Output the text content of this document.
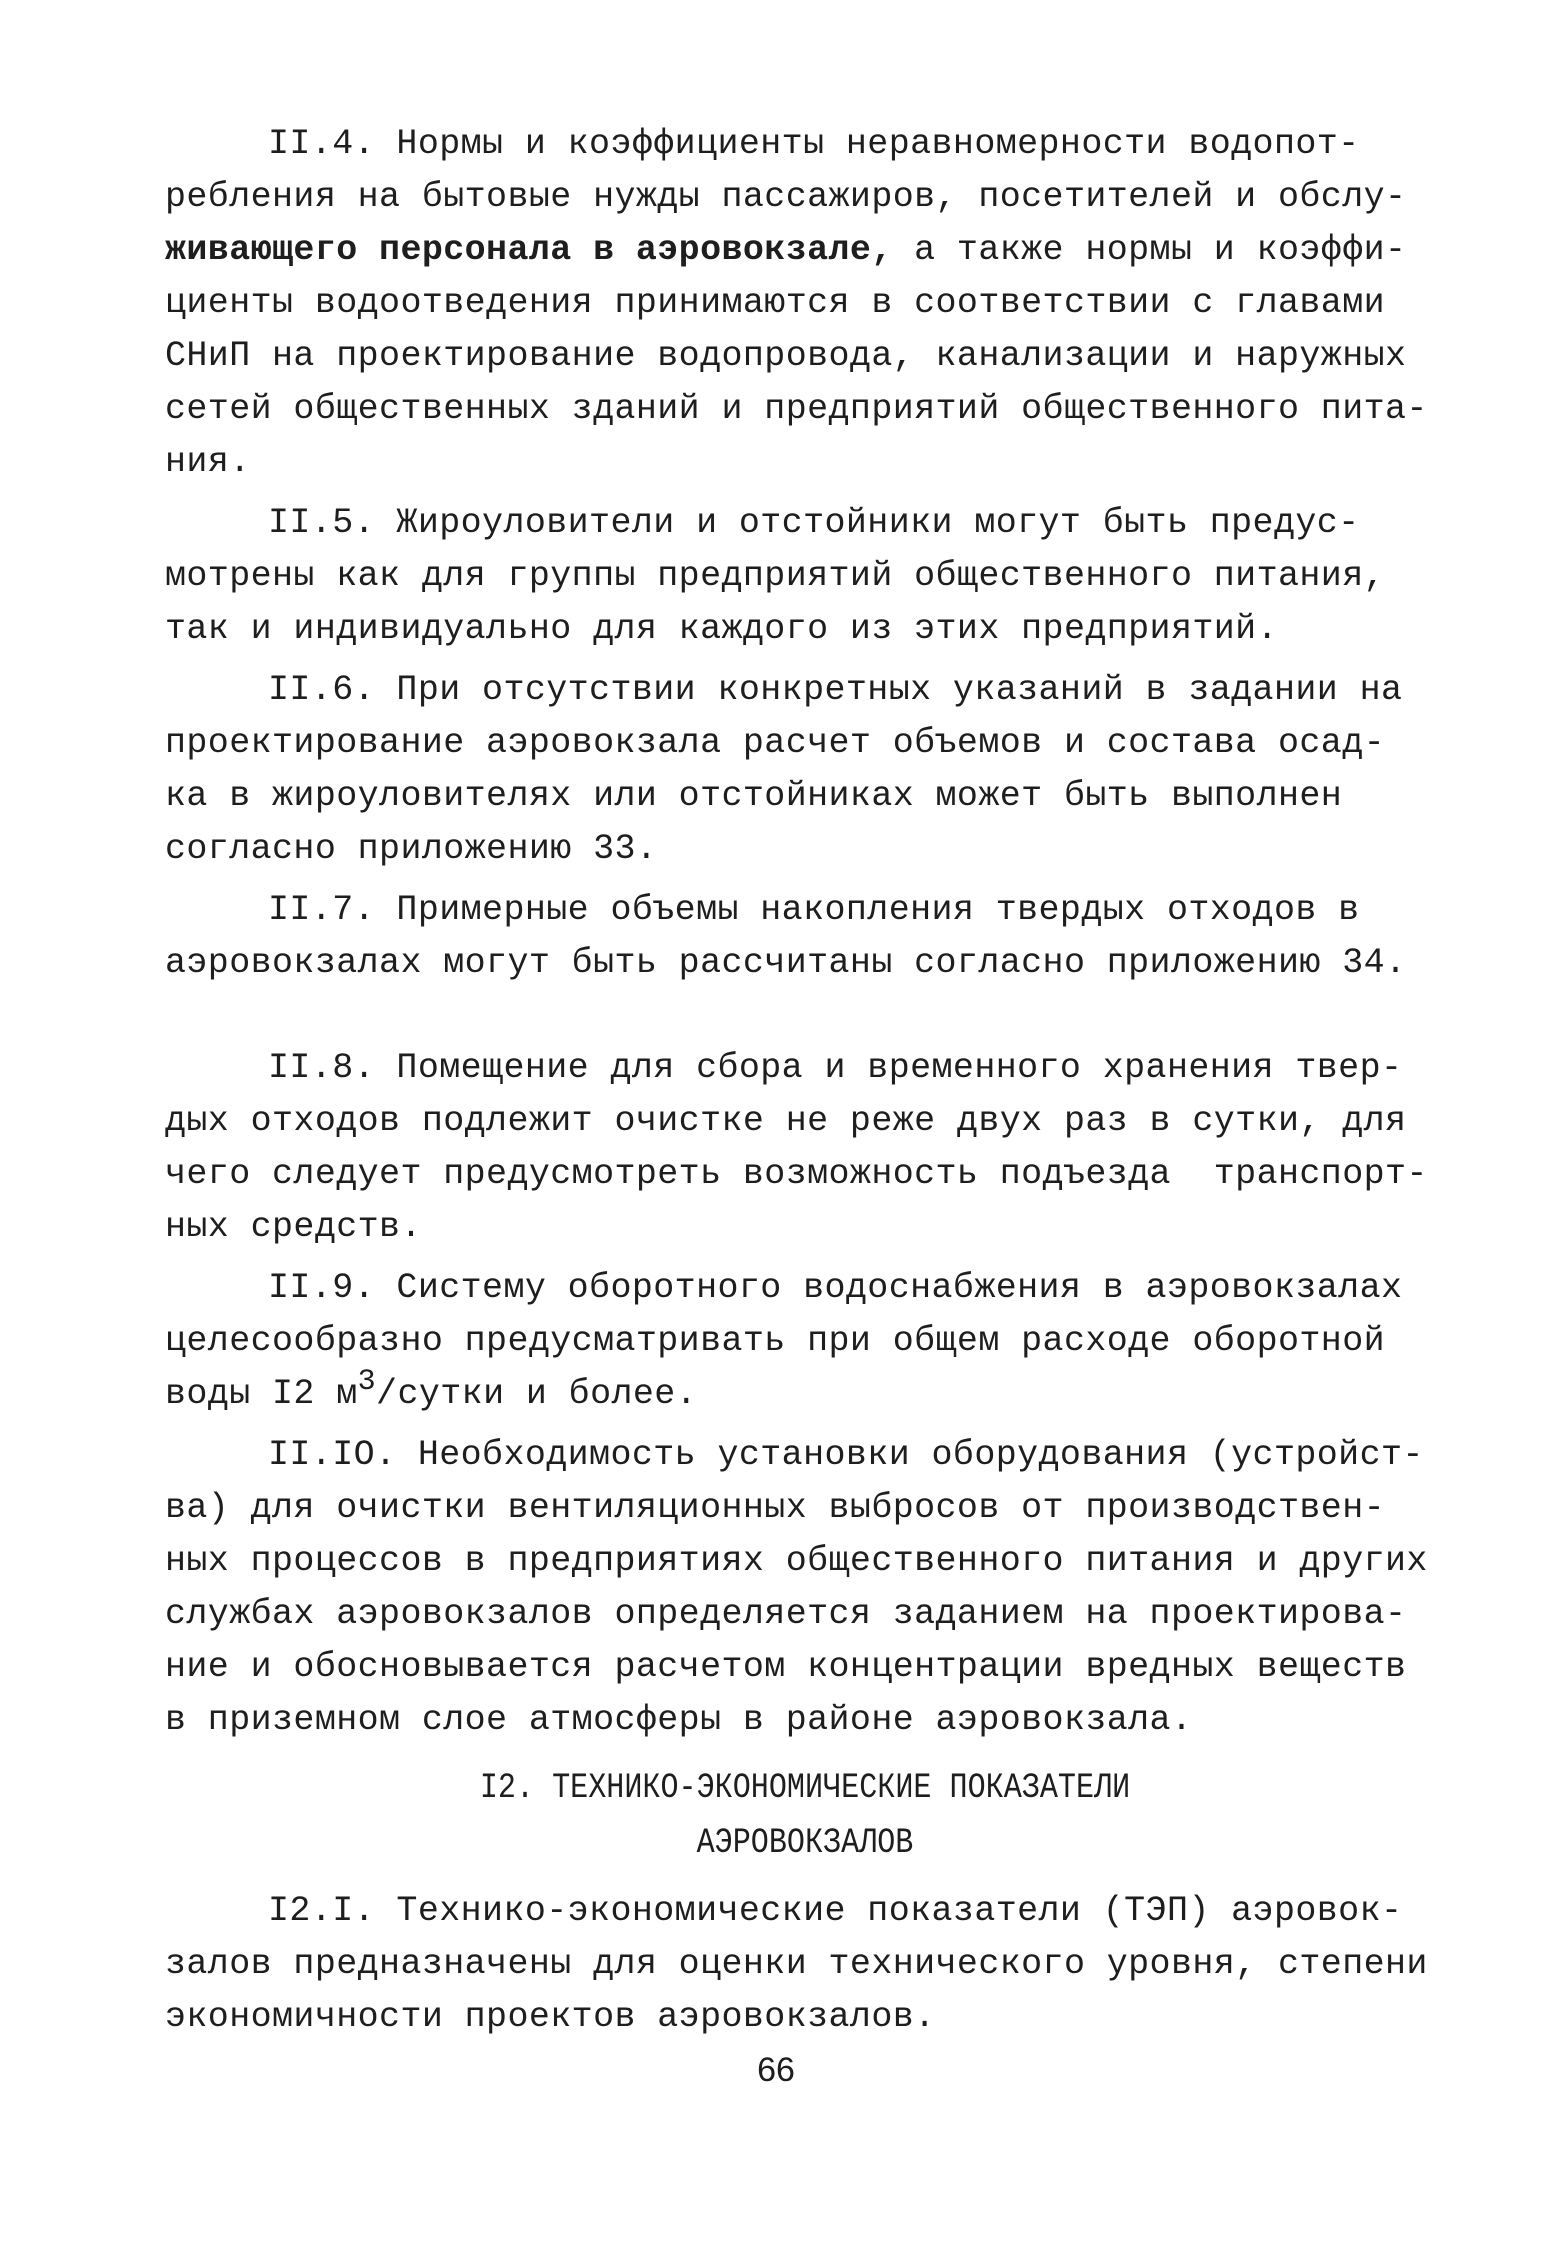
II.4. Нормы и коэффициенты неравномерности водопот-
ребления на бытовые нужды пассажиров, посетителей и обслу-
живающего персонала в аэровокзале, а также нормы и коэффи-
циенты водоотведения принимаются в соответствии с главами
СНиП на проектирование водопровода, канализации и наружных
сетей общественных зданий и предприятий общественного пита-
ния.
II.5. Жироуловители и отстойники могут быть предус-
мотрены как для группы предприятий общественного питания,
так и индивидуально для каждого из этих предприятий.
II.6. При отсутствии конкретных указаний в задании на
проектирование аэровокзала расчет объемов и состава осад-
ка в жироуловителях или отстойниках может быть выполнен
согласно приложению 33.
II.7. Примерные объемы накопления твердых отходов в
аэровокзалах могут быть рассчитаны согласно приложению 34.
II.8. Помещение для сбора и временного хранения твер-
дых отходов подлежит очистке не реже двух раз в сутки, для
чего следует предусмотреть возможность подъезда  транспорт-
ных средств.
II.9. Систему оборотного водоснабжения в аэровокзалах
целесообразно предусматривать при общем расходе оборотной
воды I2 м3/сутки и более.
II.IO. Необходимость установки оборудования (устройст-
ва) для очистки вентиляционных выбросов от производствен-
ных процессов в предприятиях общественного питания и других
службах аэровокзалов определяется заданием на проектирова-
ние и обосновывается расчетом концентрации вредных веществ
в приземном слое атмосферы в районе аэровокзала.
I2. ТЕХНИКО-ЭКОНОМИЧЕСКИЕ ПОКАЗАТЕЛИ
АЭРОВОКЗАЛОВ
I2.I. Технико-экономические показатели (ТЭП) аэровок-
залов предназначены для оценки технического уровня, степени
экономичности проектов аэровокзалов.
66
